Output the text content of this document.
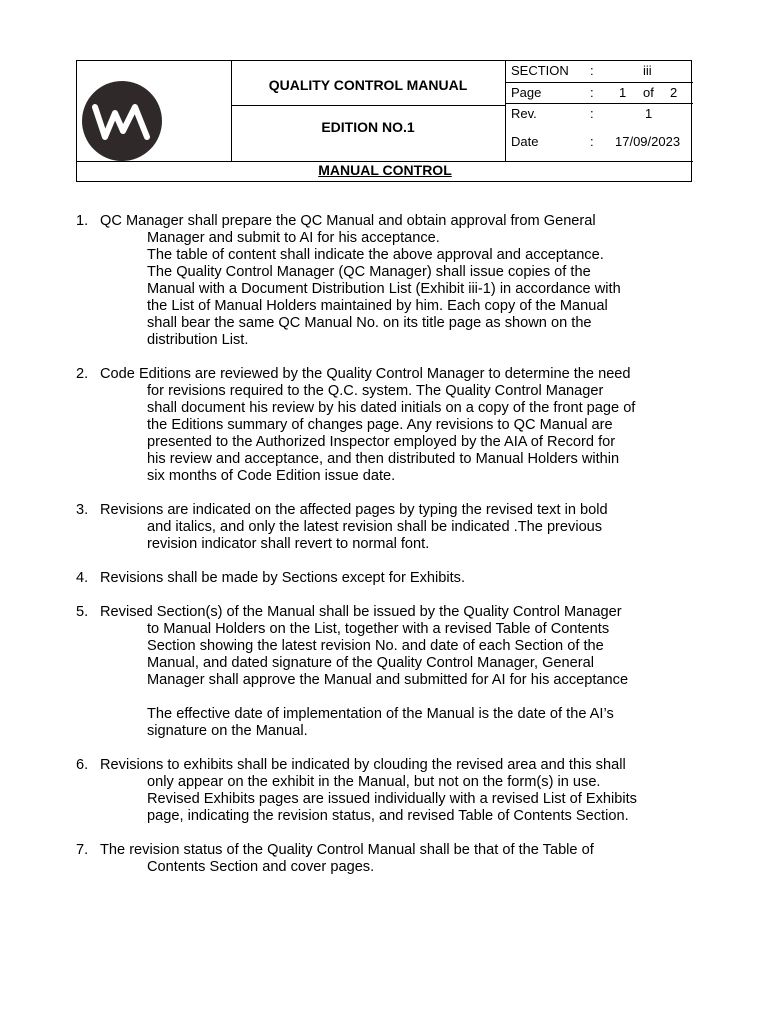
QUALITY CONTROL MANUAL
EDITION NO.1
MANUAL CONTROL
SECTION :	iii
Page	: 1 of 2
Rev.	:	1
Date	: 17/09/2023
1. QC Manager shall prepare the QC Manual and obtain approval from General
Manager and submit to AI for his acceptance.
The table of content shall indicate the above approval and acceptance.
The Quality Control Manager (QC Manager) shall issue copies of the
Manual with a Document Distribution List (Exhibit iii-1) in accordance with
the List of Manual Holders maintained by him. Each copy of the Manual
shall bear the same QC Manual No. on its title page as shown on the
distribution List.
2. Code Editions are reviewed by the Quality Control Manager to determine the need
for revisions required to the Q.C. system. The Quality Control Manager
shall document his review by his dated initials on a copy of the front page of
the Editions summary of changes page. Any revisions to QC Manual are
presented to the Authorized Inspector employed by the AIA of Record for
his review and acceptance, and then distributed to Manual Holders within
six months of Code Edition issue date.
3. Revisions are indicated on the affected pages by typing the revised text in bold
and italics, and only the latest revision shall be indicated .The previous
revision indicator shall revert to normal font.
4. Revisions shall be made by Sections except for Exhibits.
5. Revised Section(s) of the Manual shall be issued by the Quality Control Manager
to Manual Holders on the List, together with a revised Table of Contents
Section showing the latest revision No. and date of each Section of the
Manual, and dated signature of the Quality Control Manager, General
Manager shall approve the Manual and submitted for AI for his acceptance
The effective date of implementation of the Manual is the date of the AI’s
signature on the Manual.
6. Revisions to exhibits shall be indicated by clouding the revised area and this shall
only appear on the exhibit in the Manual, but not on the form(s) in use.
Revised Exhibits pages are issued individually with a revised List of Exhibits
page, indicating the revision status, and revised Table of Contents Section.
7. The revision status of the Quality Control Manual shall be that of the Table of
Contents Section and cover pages.
